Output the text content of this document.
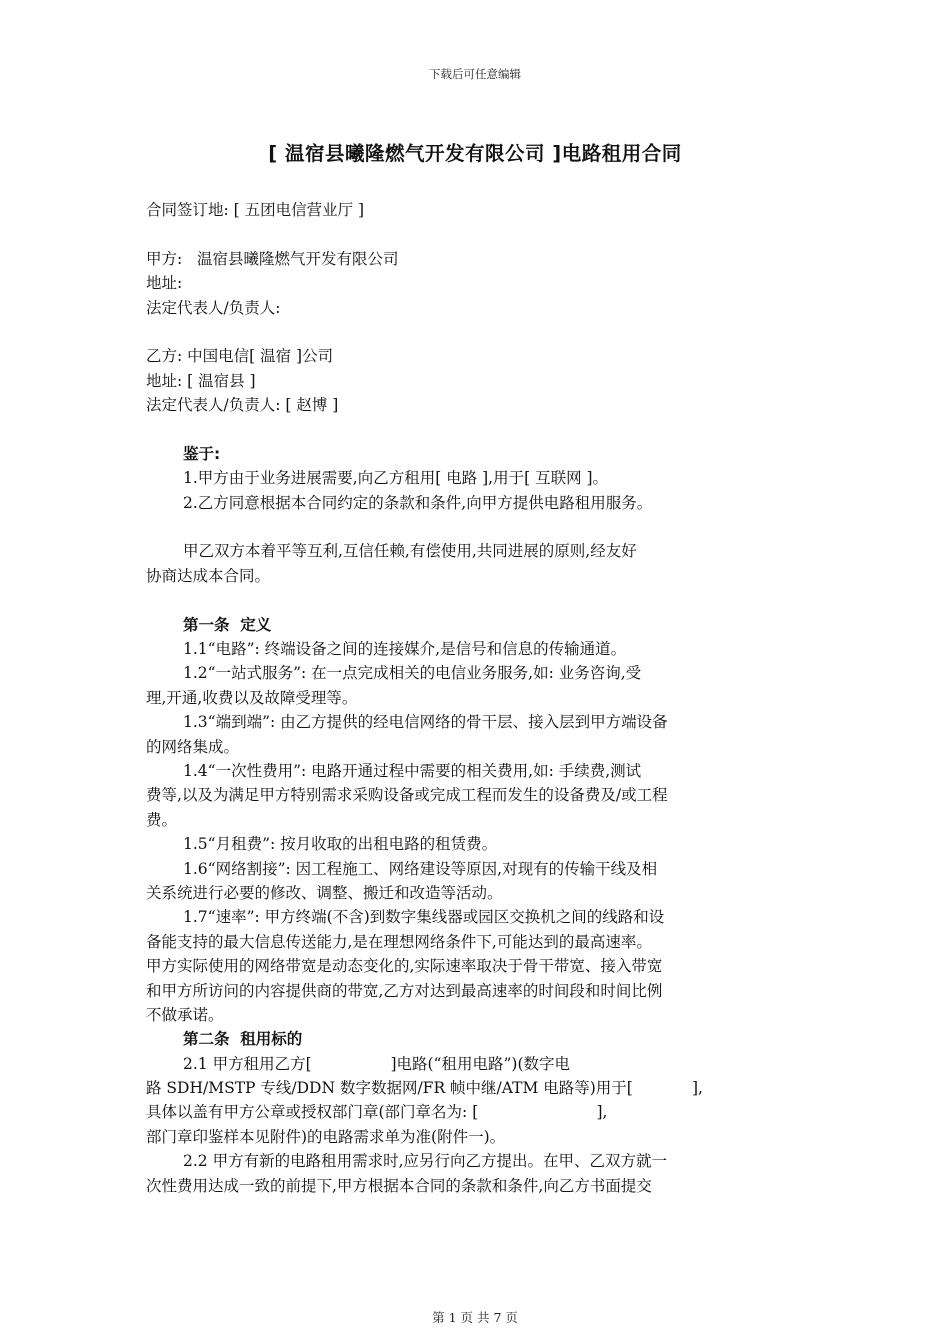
下载后可任意编辑
[ 温宿县曦隆燃气开发有限公司 ]电路租用合同
合同签订地: [ 五团电信营业厅 ]
甲方:   温宿县曦隆燃气开发有限公司
地址:
法定代表人/负责人:
乙方: 中国电信[ 温宿 ]公司
地址: [ 温宿县 ]
法定代表人/负责人: [ 赵博 ]
鉴于:
1.甲方由于业务进展需要,向乙方租用[ 电路 ],用于[ 互联网 ]。
2.乙方同意根据本合同约定的条款和条件,向甲方提供电路租用服务。
甲乙双方本着平等互利,互信任赖,有偿使用,共同进展的原则,经友好
协商达成本合同。
第一条  定义
1.1“电路”: 终端设备之间的连接媒介,是信号和信息的传输通道。
1.2“一站式服务”: 在一点完成相关的电信业务服务,如: 业务咨询,受
理,开通,收费以及故障受理等。
1.3“端到端”: 由乙方提供的经电信网络的骨干层、接入层到甲方端设备
的网络集成。
1.4“一次性费用”: 电路开通过程中需要的相关费用,如: 手续费,测试
费等,以及为满足甲方特别需求采购设备或完成工程而发生的设备费及/或工程
费。
1.5“月租费”: 按月收取的出租电路的租赁费。
1.6“网络割接”: 因工程施工、网络建设等原因,对现有的传输干线及相
关系统进行必要的修改、调整、搬迁和改造等活动。
1.7“速率”: 甲方终端(不含)到数字集线器或园区交换机之间的线路和设
备能支持的最大信息传送能力,是在理想网络条件下,可能达到的最高速率。
甲方实际使用的网络带宽是动态变化的,实际速率取决于骨干带宽、接入带宽
和甲方所访问的内容提供商的带宽,乙方对达到最高速率的时间段和时间比例
不做承诺。
第二条  租用标的
2.1 甲方租用乙方[                ]电路(“租用电路”)(数字电
路 SDH/MSTP 专线/DDN 数字数据网/FR 帧中继/ATM 电路等)用于[            ],
具体以盖有甲方公章或授权部门章(部门章名为: [                        ],
部门章印鉴样本见附件)的电路需求单为准(附件一)。
2.2 甲方有新的电路租用需求时,应另行向乙方提出。在甲、乙双方就一
次性费用达成一致的前提下,甲方根据本合同的条款和条件,向乙方书面提交
第 1 页 共 7 页
